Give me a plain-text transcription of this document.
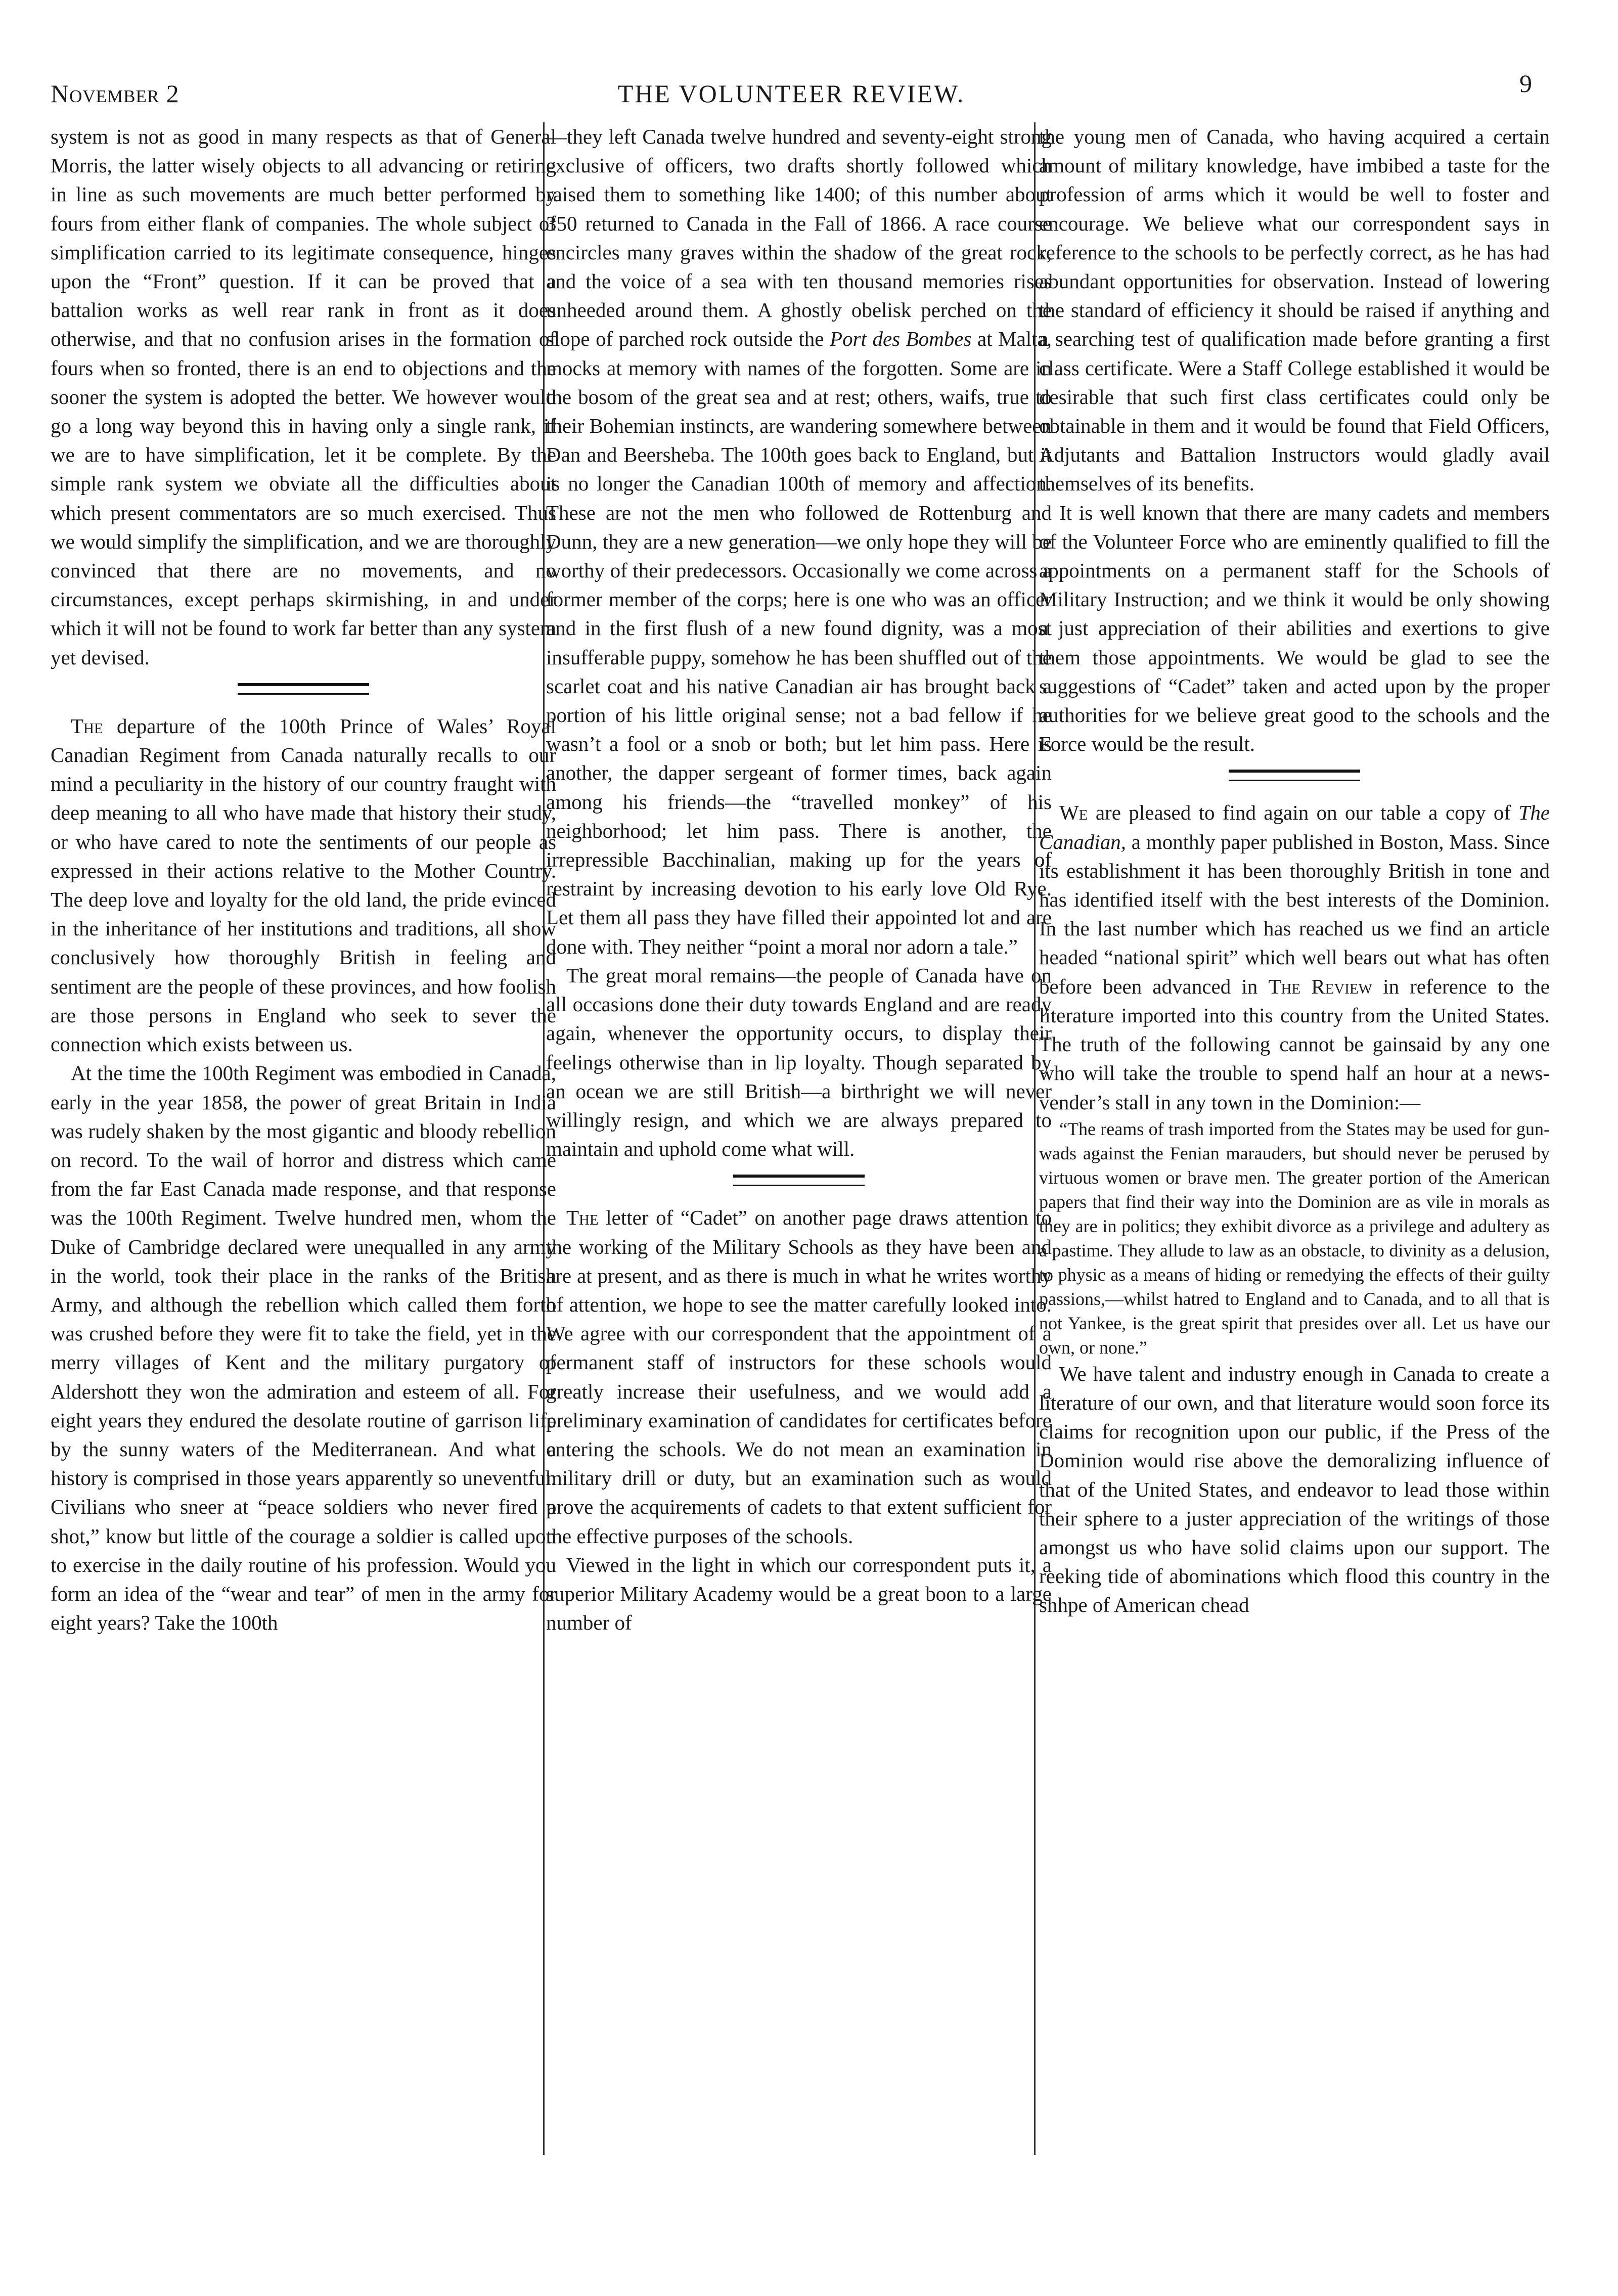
November 2	THE VOLUNTEER REVIEW.	9

system is not as good in many respects as that of General Morris, the latter wisely objects to all advancing or retiring in line as such movements are much better performed by fours from either flank of companies. The whole subject of simplification carried to its legitimate consequence, hinges upon the “Front” question. If it can be proved that a battalion works as well rear rank in front as it does otherwise, and that no confusion arises in the formation of fours when so fronted, there is an end to objections and the sooner the system is adopted the better. We however would go a long way beyond this in having only a single rank, if we are to have simplification, let it be complete. By the simple rank system we obviate all the difficulties about which present commentators are so much exercised. Thus we would simplify the simplification, and we are thoroughly convinced that there are no movements, and no circumstances, except perhaps skirmishing, in and under which it will not be found to work far better than any system yet devised.

The departure of the 100th Prince of Wales’ Royal Canadian Regiment from Canada naturally recalls to our mind a peculiarity in the history of our country fraught with deep meaning to all who have made that history their study, or who have cared to note the sentiments of our people as expressed in their actions relative to the Mother Country. The deep love and loyalty for the old land, the pride evinced in the inheritance of her institutions and traditions, all show conclusively how thoroughly British in feeling and sentiment are the people of these provinces, and how foolish are those persons in England who seek to sever the connection which exists between us.

At the time the 100th Regiment was embodied in Canada, early in the year 1858, the power of great Britain in India was rudely shaken by the most gigantic and bloody rebellion on record. To the wail of horror and distress which came from the far East Canada made response, and that response was the 100th Regiment. Twelve hundred men, whom the Duke of Cambridge declared were unequalled in any army in the world, took their place in the ranks of the British Army, and although the rebellion which called them forth was crushed before they were fit to take the field, yet in the merry villages of Kent and the military purgatory of Aldershott they won the admiration and esteem of all. For eight years they endured the desolate routine of garrison life by the sunny waters of the Mediterranean. And what a history is comprised in those years apparently so uneventful. Civilians who sneer at “peace soldiers who never fired a shot,” know but little of the courage a soldier is called upon to exercise in the daily routine of his profession. Would you form an idea of the “wear and tear” of men in the army for eight years? Take the 100th

—they left Canada twelve hundred and seventy-eight strong exclusive of officers, two drafts shortly followed which raised them to something like 1400; of this number about 350 returned to Canada in the Fall of 1866. A race course encircles many graves within the shadow of the great rock, and the voice of a sea with ten thousand memories rises unheeded around them. A ghostly obelisk perched on the slope of parched rock outside the Port des Bombes at Malta, mocks at memory with names of the forgotten. Some are in the bosom of the great sea and at rest; others, waifs, true to their Bohemian instincts, are wandering somewhere between Dan and Beersheba. The 100th goes back to England, but it is no longer the Canadian 100th of memory and affection. These are not the men who followed de Rottenburg and Dunn, they are a new generation—we only hope they will be worthy of their predecessors. Occasionally we come across a former member of the corps; here is one who was an officer and in the first flush of a new found dignity, was a most insufferable puppy, somehow he has been shuffled out of the scarlet coat and his native Canadian air has brought back a portion of his little original sense; not a bad fellow if he wasn’t a fool or a snob or both; but let him pass. Here is another, the dapper sergeant of former times, back again among his friends—the “travelled monkey” of his neighborhood; let him pass. There is another, the irrepressible Bacchinalian, making up for the years of restraint by increasing devotion to his early love Old Rye. Let them all pass they have filled their appointed lot and are done with. They neither “point a moral nor adorn a tale.”

The great moral remains—the people of Canada have on all occasions done their duty towards England and are ready again, whenever the opportunity occurs, to display their feelings otherwise than in lip loyalty. Though separated by an ocean we are still British—a birthright we will never willingly resign, and which we are always prepared to maintain and uphold come what will.

The letter of “Cadet” on another page draws attention to the working of the Military Schools as they have been and are at present, and as there is much in what he writes worthy of attention, we hope to see the matter carefully looked into. We agree with our correspondent that the appointment of a permanent staff of instructors for these schools would greatly increase their usefulness, and we would add a preliminary examination of candidates for certificates before entering the schools. We do not mean an examination in military drill or duty, but an examination such as would prove the acquirements of cadets to that extent sufficient for the effective purposes of the schools.

Viewed in the light in which our correspondent puts it, a superior Military Academy would be a great boon to a large number of

the young men of Canada, who having acquired a certain amount of military knowledge, have imbibed a taste for the profession of arms which it would be well to foster and encourage. We believe what our correspondent says in reference to the schools to be perfectly correct, as he has had abundant opportunities for observation. Instead of lowering the standard of efficiency it should be raised if anything and a searching test of qualification made before granting a first class certificate. Were a Staff College established it would be desirable that such first class certificates could only be obtainable in them and it would be found that Field Officers, Adjutants and Battalion Instructors would gladly avail themselves of its benefits.

It is well known that there are many cadets and members of the Volunteer Force who are eminently qualified to fill the appointments on a permanent staff for the Schools of Military Instruction; and we think it would be only showing a just appreciation of their abilities and exertions to give them those appointments. We would be glad to see the suggestions of “Cadet” taken and acted upon by the proper authorities for we believe great good to the schools and the Force would be the result.

We are pleased to find again on our table a copy of The Canadian, a monthly paper published in Boston, Mass. Since its establishment it has been thoroughly British in tone and has identified itself with the best interests of the Dominion. In the last number which has reached us we find an article headed “national spirit” which well bears out what has often before been advanced in The Review in reference to the literature imported into this country from the United States. The truth of the following cannot be gainsaid by any one who will take the trouble to spend half an hour at a news-vender’s stall in any town in the Dominion:—

“The reams of trash imported from the States may be used for gun-wads against the Fenian marauders, but should never be perused by virtuous women or brave men. The greater portion of the American papers that find their way into the Dominion are as vile in morals as they are in politics; they exhibit divorce as a privilege and adultery as a pastime. They allude to law as an obstacle, to divinity as a delusion, to physic as a means of hiding or remedying the effects of their guilty passions,—whilst hatred to England and to Canada, and to all that is not Yankee, is the great spirit that presides over all. Let us have our own, or none.”

We have talent and industry enough in Canada to create a literature of our own, and that literature would soon force its claims for recognition upon our public, if the Press of the Dominion would rise above the demoralizing influence of that of the United States, and endeavor to lead those within their sphere to a juster appreciation of the writings of those amongst us who have solid claims upon our support. The reeking tide of abominations which flood this country in the shhpe of American chead
